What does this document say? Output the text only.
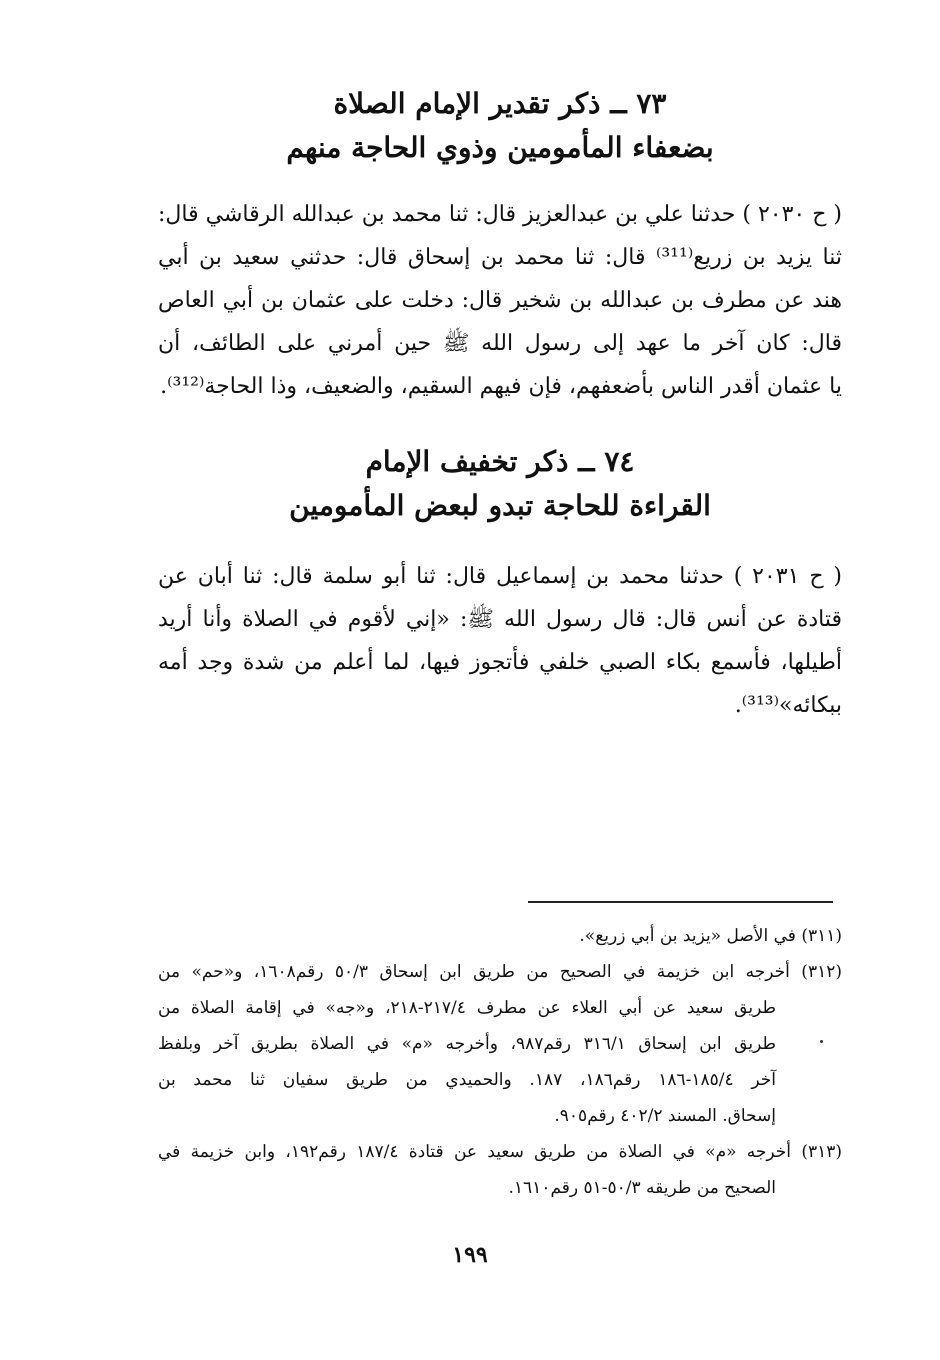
٧٣ ــ ذكر تقدير الإمام الصلاة
بضعفاء المأمومين وذوي الحاجة منهم
( ح ٢٠٣٠ ) حدثنا علي بن عبدالعزيز قال: ثنا محمد بن عبدالله الرقاشي قال:
ثنا يزيد بن زريع⁽³¹¹⁾ قال: ثنا محمد بن إسحاق قال: حدثني سعيد بن أبي
هند عن مطرف بن عبدالله بن شخير قال: دخلت على عثمان بن أبي العاص
قال: كان آخر ما عهد إلى رسول الله ﷺ حين أمرني على الطائف، أن
يا عثمان أقدر الناس بأضعفهم، فإن فيهم السقيم، والضعيف، وذا الحاجة⁽³¹²⁾.
٧٤ ــ ذكر تخفيف الإمام
القراءة للحاجة تبدو لبعض المأمومين
( ح ٢٠٣١ ) حدثنا محمد بن إسماعيل قال: ثنا أبو سلمة قال: ثنا أبان عن
قتادة عن أنس قال: قال رسول الله ﷺ: «إني لأقوم في الصلاة وأنا أريد
أطيلها، فأسمع بكاء الصبي خلفي فأتجوز فيها، لما أعلم من شدة وجد أمه
ببكائه»⁽³¹³⁾.
(٣١١) في الأصل «يزيد بن أبي زريع».
(٣١٢) أخرجه ابن خزيمة في الصحيح من طريق ابن إسحاق ٥٠/٣ رقم١٦٠٨، و«حم» من
طريق سعيد عن أبي العلاء عن مطرف ٢١٧/٤-٢١٨، و«جه» في إقامة الصلاة من
طريق ابن إسحاق ٣١٦/١ رقم٩٨٧، وأخرجه «م» في الصلاة بطريق آخر وبلفظ
آخر ١٨٥/٤-١٨٦ رقم١٨٦، ١٨٧. والحميدي من طريق سفيان ثنا محمد بن
إسحاق. المسند ٤٠٢/٢ رقم٩٠٥.
(٣١٣) أخرجه «م» في الصلاة من طريق سعيد عن قتادة ١٨٧/٤ رقم١٩٢، وابن خزيمة في
الصحيح من طريقه ٥٠/٣-٥١ رقم١٦١٠.
١٩٩
